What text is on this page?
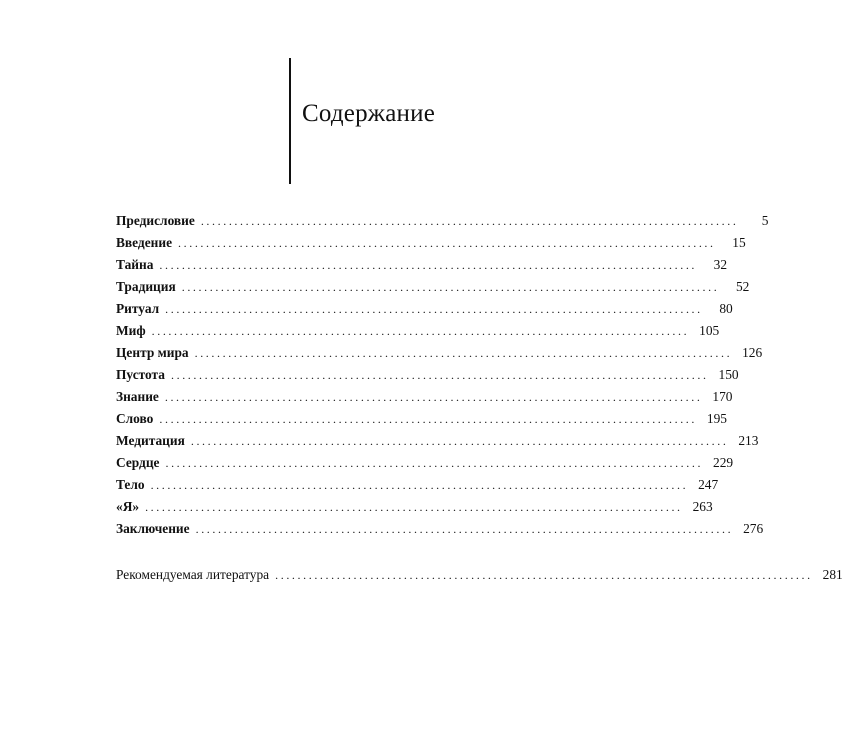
Содержание
Предисловие ................................................................................................	5
Введение ................................................................................................	15
Тайна ................................................................................................	32
Традиция ................................................................................................	52
Ритуал ................................................................................................	80
Миф ................................................................................................ 105
Центр мира ................................................................................................ 126
Пустота ................................................................................................ 150
Знание ................................................................................................ 170
Слово ................................................................................................ 195
Медитация ................................................................................................ 213
Сердце ................................................................................................ 229
Тело ................................................................................................ 247
«Я» ................................................................................................ 263
Заключение ................................................................................................ 276
Рекомендуемая литература ................................................................................................ 281
